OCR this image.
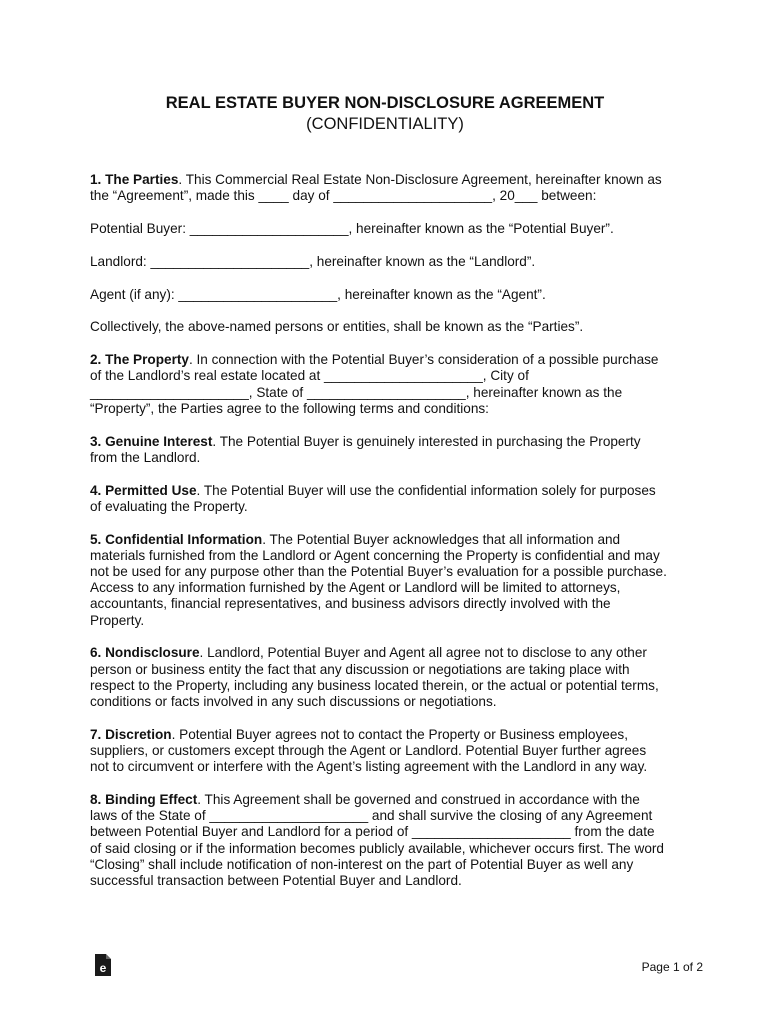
REAL ESTATE BUYER NON-DISCLOSURE AGREEMENT
(CONFIDENTIALITY)

1. The Parties. This Commercial Real Estate Non-Disclosure Agreement, hereinafter known as
the “Agreement”, made this ____ day of _____________________, 20___ between:

Potential Buyer: _____________________, hereinafter known as the “Potential Buyer”.

Landlord: _____________________, hereinafter known as the “Landlord”.

Agent (if any): _____________________, hereinafter known as the “Agent”.

Collectively, the above-named persons or entities, shall be known as the “Parties”.

2. The Property. In connection with the Potential Buyer’s consideration of a possible purchase
of the Landlord’s real estate located at _____________________, City of
_____________________, State of _____________________, hereinafter known as the
“Property”, the Parties agree to the following terms and conditions:

3. Genuine Interest. The Potential Buyer is genuinely interested in purchasing the Property
from the Landlord.

4. Permitted Use. The Potential Buyer will use the confidential information solely for purposes
of evaluating the Property.

5. Confidential Information. The Potential Buyer acknowledges that all information and
materials furnished from the Landlord or Agent concerning the Property is confidential and may
not be used for any purpose other than the Potential Buyer’s evaluation for a possible purchase.
Access to any information furnished by the Agent or Landlord will be limited to attorneys,
accountants, financial representatives, and business advisors directly involved with the
Property.

6. Nondisclosure. Landlord, Potential Buyer and Agent all agree not to disclose to any other
person or business entity the fact that any discussion or negotiations are taking place with
respect to the Property, including any business located therein, or the actual or potential terms,
conditions or facts involved in any such discussions or negotiations.

7. Discretion. Potential Buyer agrees not to contact the Property or Business employees,
suppliers, or customers except through the Agent or Landlord. Potential Buyer further agrees
not to circumvent or interfere with the Agent’s listing agreement with the Landlord in any way.

8. Binding Effect. This Agreement shall be governed and construed in accordance with the
laws of the State of _____________________ and shall survive the closing of any Agreement
between Potential Buyer and Landlord for a period of _____________________ from the date
of said closing or if the information becomes publicly available, whichever occurs first. The word
“Closing” shall include notification of non-interest on the part of Potential Buyer as well any
successful transaction between Potential Buyer and Landlord.

e	Page 1 of 2
